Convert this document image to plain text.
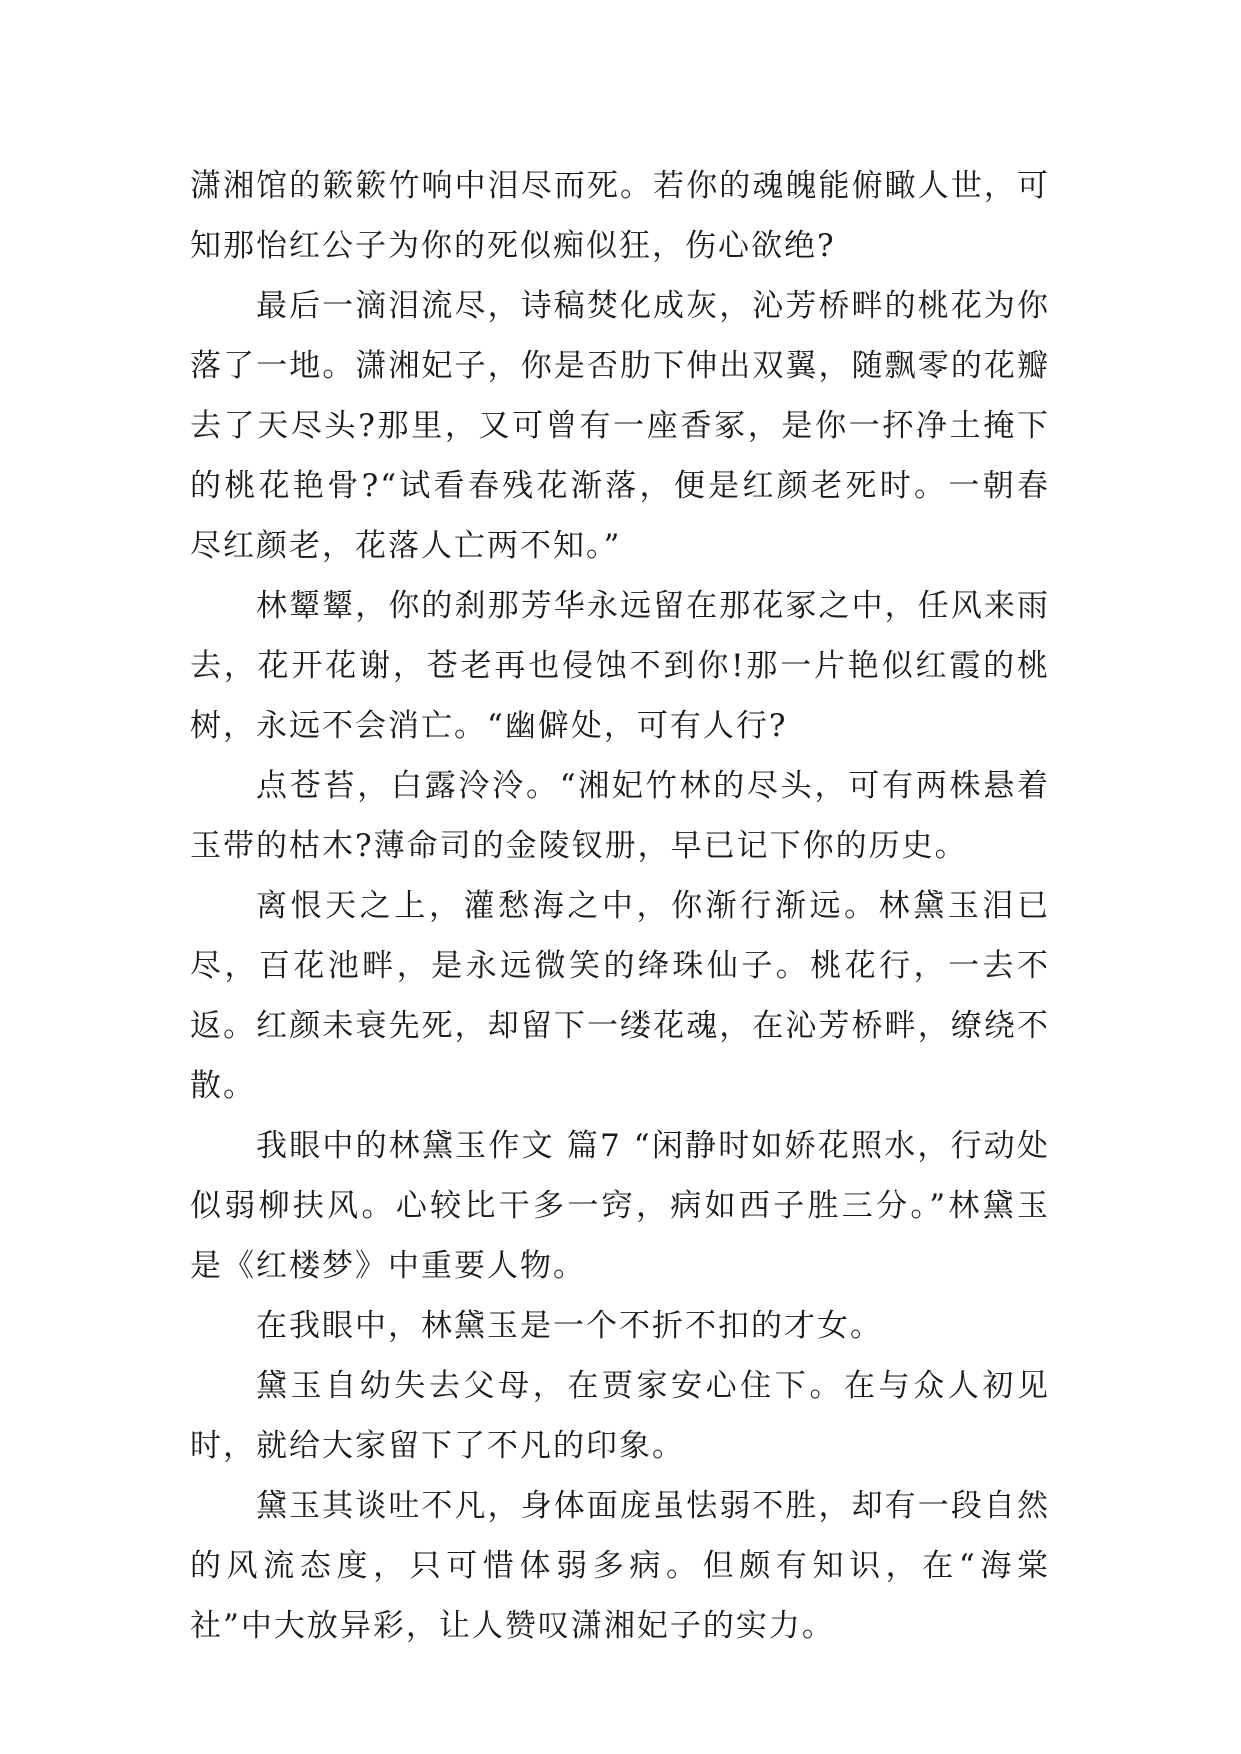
潇湘馆的簌簌竹响中泪尽而死。若你的魂魄能俯瞰人世，可知那怡红公子为你的死似痴似狂，伤心欲绝?

最后一滴泪流尽，诗稿焚化成灰，沁芳桥畔的桃花为你落了一地。潇湘妃子，你是否肋下伸出双翼，随飘零的花瓣去了天尽头?那里，又可曾有一座香冢，是你一抔净土掩下的桃花艳骨?“试看春残花渐落，便是红颜老死时。一朝春尽红颜老，花落人亡两不知。”

林颦颦，你的刹那芳华永远留在那花冢之中，任风来雨去，花开花谢，苍老再也侵蚀不到你!那一片艳似红霞的桃树，永远不会消亡。“幽僻处，可有人行?

点苍苔，白露泠泠。“湘妃竹林的尽头，可有两株悬着玉带的枯木?薄命司的金陵钗册，早已记下你的历史。

离恨天之上，灌愁海之中，你渐行渐远。林黛玉泪已尽，百花池畔，是永远微笑的绛珠仙子。桃花行，一去不返。红颜未衰先死，却留下一缕花魂，在沁芳桥畔，缭绕不散。

我眼中的林黛玉作文 篇7 “闲静时如娇花照水，行动处似弱柳扶风。心较比干多一窍，病如西子胜三分。”林黛玉是《红楼梦》中重要人物。

在我眼中，林黛玉是一个不折不扣的才女。

黛玉自幼失去父母，在贾家安心住下。在与众人初见时，就给大家留下了不凡的印象。

黛玉其谈吐不凡，身体面庞虽怯弱不胜，却有一段自然的风流态度，只可惜体弱多病。但颇有知识，在“海棠社”中大放异彩，让人赞叹潇湘妃子的实力。
